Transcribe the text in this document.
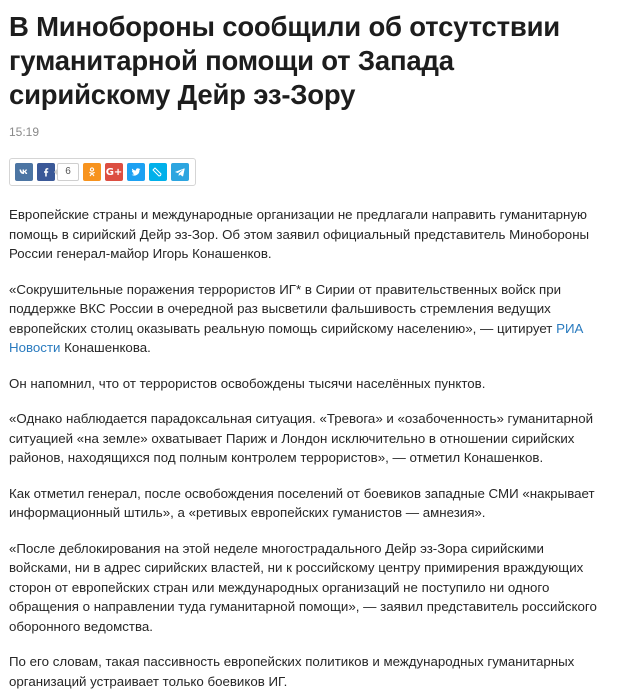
В Минобороны сообщили об отсутствии гуманитарной помощи от Запада сирийскому Дейр эз-Зору
15:19
6	G+

Европейские страны и международные организации не предлагали направить гуманитарную помощь в сирийский Дейр эз-Зор. Об этом заявил официальный представитель Минобороны России генерал-майор Игорь Конашенков.

«Сокрушительные поражения террористов ИГ* в Сирии от правительственных войск при поддержке ВКС России в очередной раз высветили фальшивость стремления ведущих европейских столиц оказывать реальную помощь сирийскому населению», — цитирует РИА Новости Конашенкова.

Он напомнил, что от террористов освобождены тысячи населённых пунктов.

«Однако наблюдается парадоксальная ситуация. «Тревога» и «озабоченность» гуманитарной ситуацией «на земле» охватывает Париж и Лондон исключительно в отношении сирийских районов, находящихся под полным контролем террористов», — отметил Конашенков.

Как отметил генерал, после освобождения поселений от боевиков западные СМИ «накрывает информационный штиль», а «ретивых европейских гуманистов — амнезия».

«После деблокирования на этой неделе многострадального Дейр эз-Зора сирийскими войсками, ни в адрес сирийских властей, ни к российскому центру примирения враждующих сторон от европейских стран или международных организаций не поступило ни одного обращения о направлении туда гуманитарной помощи», — заявил представитель российского оборонного ведомства.

По его словам, такая пассивность европейских политиков и международных гуманитарных организаций устраивает только боевиков ИГ.
